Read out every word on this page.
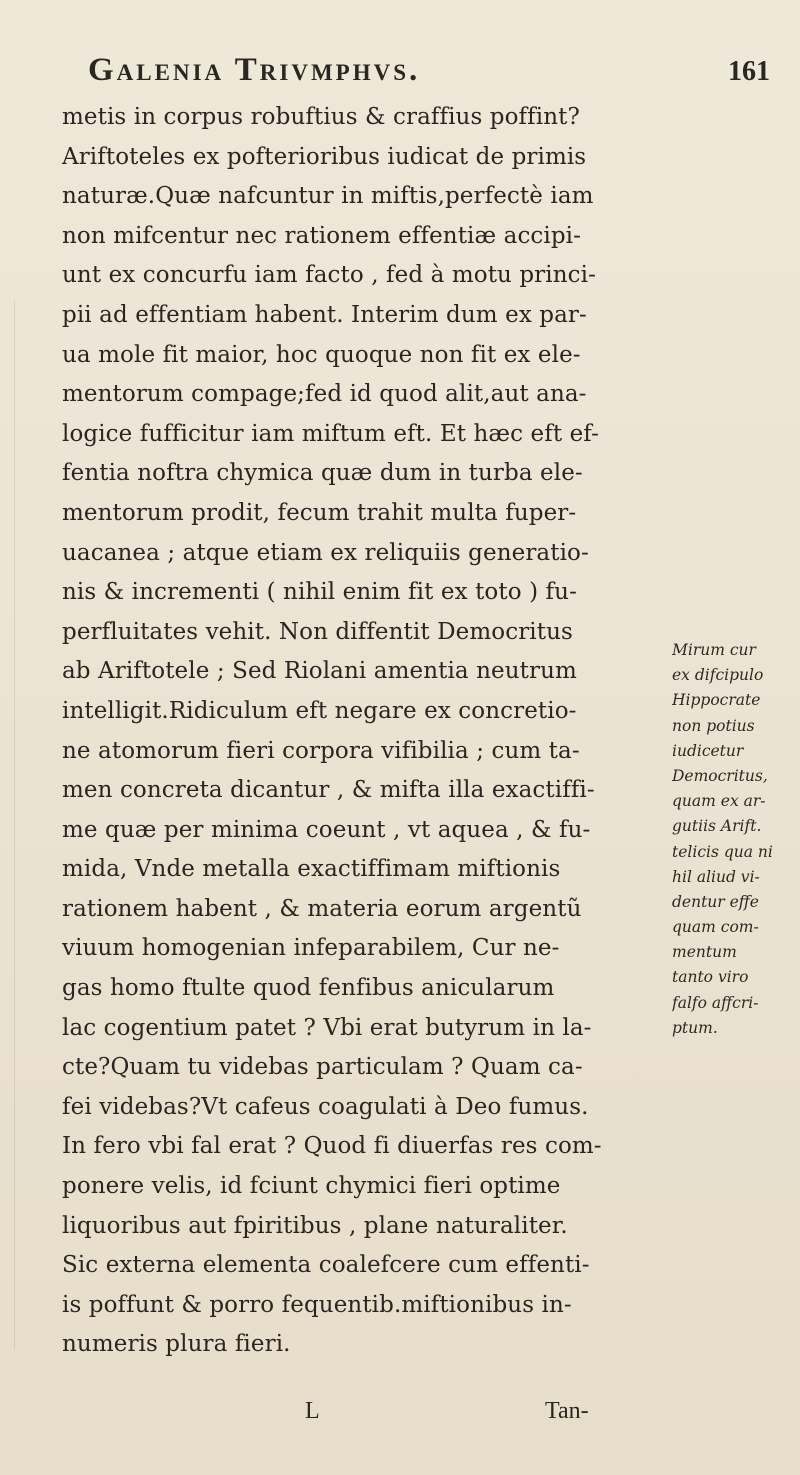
Galenia Trivmphvs.	161
metis in corpus robuftius & craffius poffint?
Ariftoteles ex pofterioribus iudicat de primis
naturæ.Quæ nafcuntur in miftis,perfectè iam
non mifcentur nec rationem effentiæ accipi-
unt ex concurfu iam facto , fed à motu princi-
pii ad effentiam habent. Interim dum ex par-
ua mole fit maior, hoc quoque non fit ex ele-
mentorum compage;fed id quod alit,aut ana-
logice fufficitur iam miftum eft. Et hæc eft ef-
fentia noftra chymica quæ dum in turba ele-
mentorum prodit, fecum trahit multa fuper-
uacanea ; atque etiam ex reliquiis generatio-
nis & incrementi ( nihil enim fit ex toto ) fu-
perfluitates vehit. Non diffentit Democritus
ab Ariftotele ; Sed Riolani amentia neutrum
intelligit.Ridiculum eft negare ex concretio-
ne atomorum fieri corpora vifibilia ; cum ta-
men concreta dicantur , & mifta illa exactiffi-
me quæ per minima coeunt , vt aquea , & fu-
mida, Vnde metalla exactiffimam miftionis
rationem habent , & materia eorum argentũ
viuum homogenian infeparabilem, Cur ne-
gas homo ftulte quod fenfibus anicularum
lac cogentium patet ? Vbi erat butyrum in la-
cte?Quam tu videbas particulam ? Quam ca-
fei videbas?Vt cafeus coagulati à Deo fumus.
In fero vbi fal erat ? Quod fi diuerfas res com-
ponere velis, id fciunt chymici fieri optime
liquoribus aut fpiritibus , plane naturaliter.
Sic externa elementa coalefcere cum effenti-
is poffunt & porro fequentib.miftionibus in-
numeris plura fieri.
Mirum cur
ex difcipulo
Hippocrate
non potius
iudicetur
Democritus,
quam ex ar-
gutiis Arift.
telicis qua ni
hil aliud vi-
dentur effe
quam com-
mentum
tanto viro
falfo affcri-
ptum.
L	Tan-
